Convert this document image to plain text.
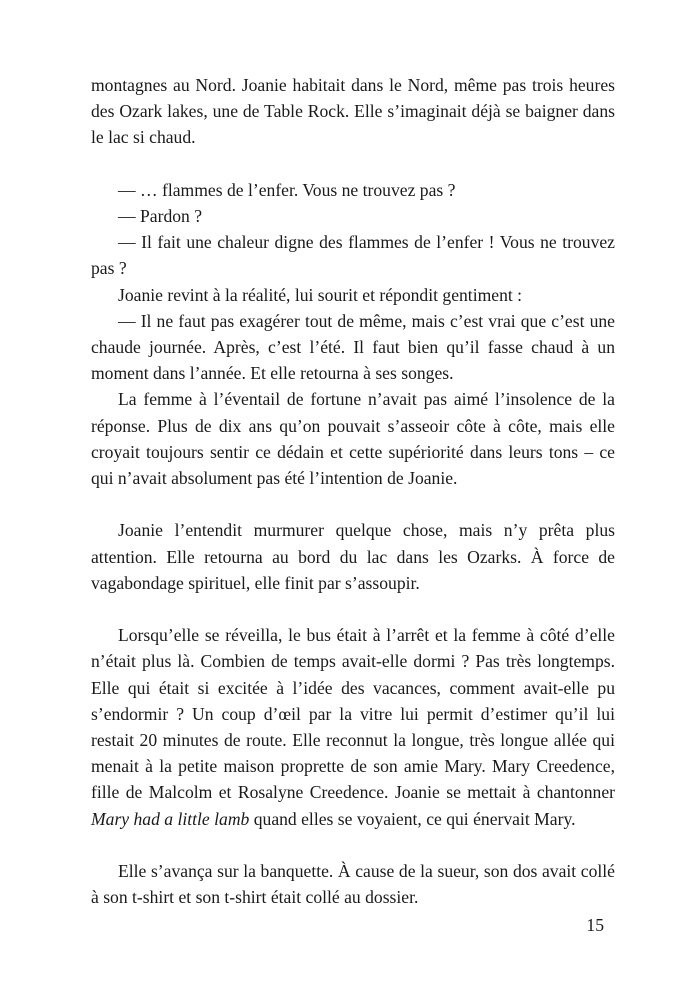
montagnes au Nord. Joanie habitait dans le Nord, même pas trois heures des Ozark lakes, une de Table Rock. Elle s’imaginait déjà se baigner dans le lac si chaud.

— … flammes de l’enfer. Vous ne trouvez pas ?

— Pardon ?

— Il fait une chaleur digne des flammes de l’enfer ! Vous ne trouvez pas ?

Joanie revint à la réalité, lui sourit et répondit gentiment :

— Il ne faut pas exagérer tout de même, mais c’est vrai que c’est une chaude journée. Après, c’est l’été. Il faut bien qu’il fasse chaud à un moment dans l’année. Et elle retourna à ses songes.

La femme à l’éventail de fortune n’avait pas aimé l’insolence de la réponse. Plus de dix ans qu’on pouvait s’asseoir côte à côte, mais elle croyait toujours sentir ce dédain et cette supériorité dans leurs tons – ce qui n’avait absolument pas été l’intention de Joanie.

Joanie l’entendit murmurer quelque chose, mais n’y prêta plus attention. Elle retourna au bord du lac dans les Ozarks. À force de vagabondage spirituel, elle finit par s’assoupir.

Lorsqu’elle se réveilla, le bus était à l’arrêt et la femme à côté d’elle n’était plus là. Combien de temps avait-elle dormi ? Pas très longtemps. Elle qui était si excitée à l’idée des vacances, comment avait-elle pu s’endormir ? Un coup d’œil par la vitre lui permit d’estimer qu’il lui restait 20 minutes de route. Elle reconnut la longue, très longue allée qui menait à la petite maison proprette de son amie Mary. Mary Creedence, fille de Malcolm et Rosalyne Creedence. Joanie se mettait à chantonner Mary had a little lamb quand elles se voyaient, ce qui énervait Mary.

Elle s’avança sur la banquette. À cause de la sueur, son dos avait collé à son t-shirt et son t-shirt était collé au dossier.

15
